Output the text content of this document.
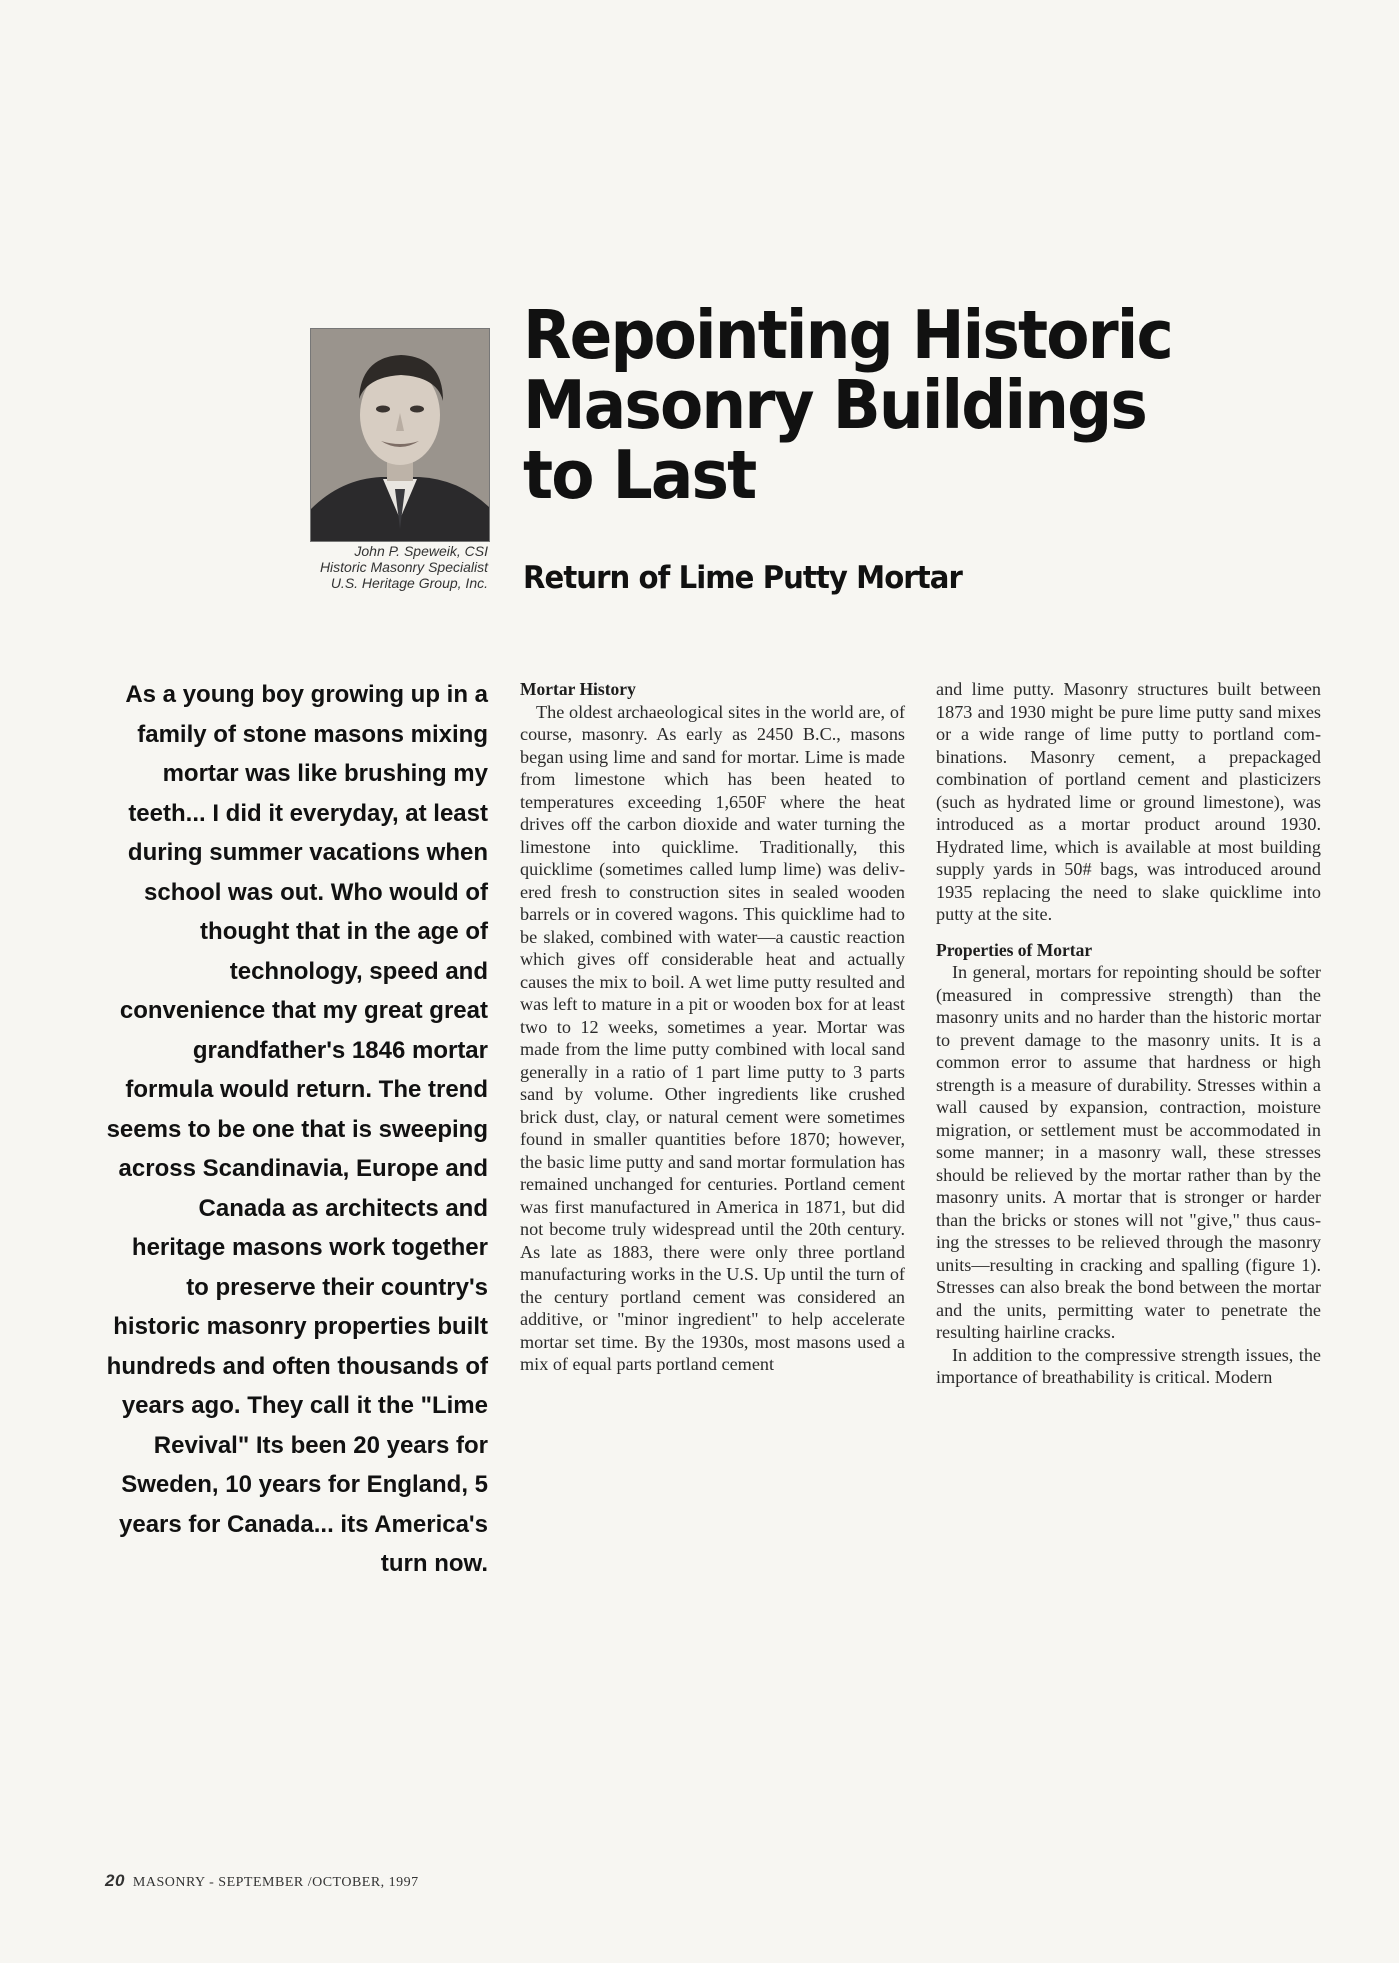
John P. Speweik, CSI
Historic Masonry Specialist
U.S. Heritage Group, Inc.
Repointing Historic
Masonry Buildings
to Last
Return of Lime Putty Mortar

As a young boy growing up in a family of stone masons mixing mortar was like brushing my teeth... I did it everyday, at least during summer vacations when school was out. Who would of thought that in the age of technology, speed and convenience that my great great grandfather's 1846 mortar formula would return. The trend seems to be one that is sweeping across Scandinavia, Europe and Canada as architects and heritage masons work together to preserve their country's historic masonry properties built hundreds and often thousands of years ago. They call it the "Lime Revival" Its been 20 years for Sweden, 10 years for England, 5 years for Canada... its America's turn now.

Mortar History

The oldest archaeological sites in the world are, of course, masonry. As early as 2450 B.C., masons began using lime and sand for mortar. Lime is made from limestone which has been heated to temperatures exceeding 1,650F where the heat drives off the carbon dioxide and water turning the limestone into quicklime. Traditionally, this quicklime (sometimes called lump lime) was delivered fresh to construction sites in sealed wooden barrels or in covered wagons. This quicklime had to be slaked, combined with water—a caustic reaction which gives off considerable heat and actually causes the mix to boil. A wet lime putty resulted and was left to mature in a pit or wooden box for at least two to 12 weeks, sometimes a year. Mortar was made from the lime putty combined with local sand generally in a ratio of 1 part lime putty to 3 parts sand by volume. Other ingredients like crushed brick dust, clay, or natural cement were sometimes found in smaller quantities before 1870; however, the basic lime putty and sand mortar formulation has remained unchanged for centuries. Portland cement was first manufactured in America in 1871, but did not become truly widespread until the 20th century. As late as 1883, there were only three portland manufacturing works in the U.S. Up until the turn of the century portland cement was considered an additive, or "minor ingredient" to help accelerate mortar set time. By the 1930s, most masons used a mix of equal parts portland cement

and lime putty. Masonry structures built between 1873 and 1930 might be pure lime putty sand mixes or a wide range of lime putty to portland combinations. Masonry cement, a prepackaged combination of portland cement and plasticizers (such as hydrated lime or ground limestone), was introduced as a mortar product around 1930. Hydrated lime, which is available at most building supply yards in 50# bags, was introduced around 1935 replacing the need to slake quicklime into putty at the site.

Properties of Mortar

In general, mortars for repointing should be softer (measured in compressive strength) than the masonry units and no harder than the historic mortar to prevent damage to the masonry units. It is a common error to assume that hardness or high strength is a measure of durability. Stresses within a wall caused by expansion, contraction, moisture migration, or settlement must be accommodated in some manner; in a masonry wall, these stresses should be relieved by the mortar rather than by the masonry units. A mortar that is stronger or harder than the bricks or stones will not "give," thus causing the stresses to be relieved through the masonry units—resulting in cracking and spalling (figure 1). Stresses can also break the bond between the mortar and the units, permitting water to penetrate the resulting hairline cracks.

In addition to the compressive strength issues, the importance of breathability is critical. Modern

20 MASONRY - SEPTEMBER /OCTOBER, 1997
